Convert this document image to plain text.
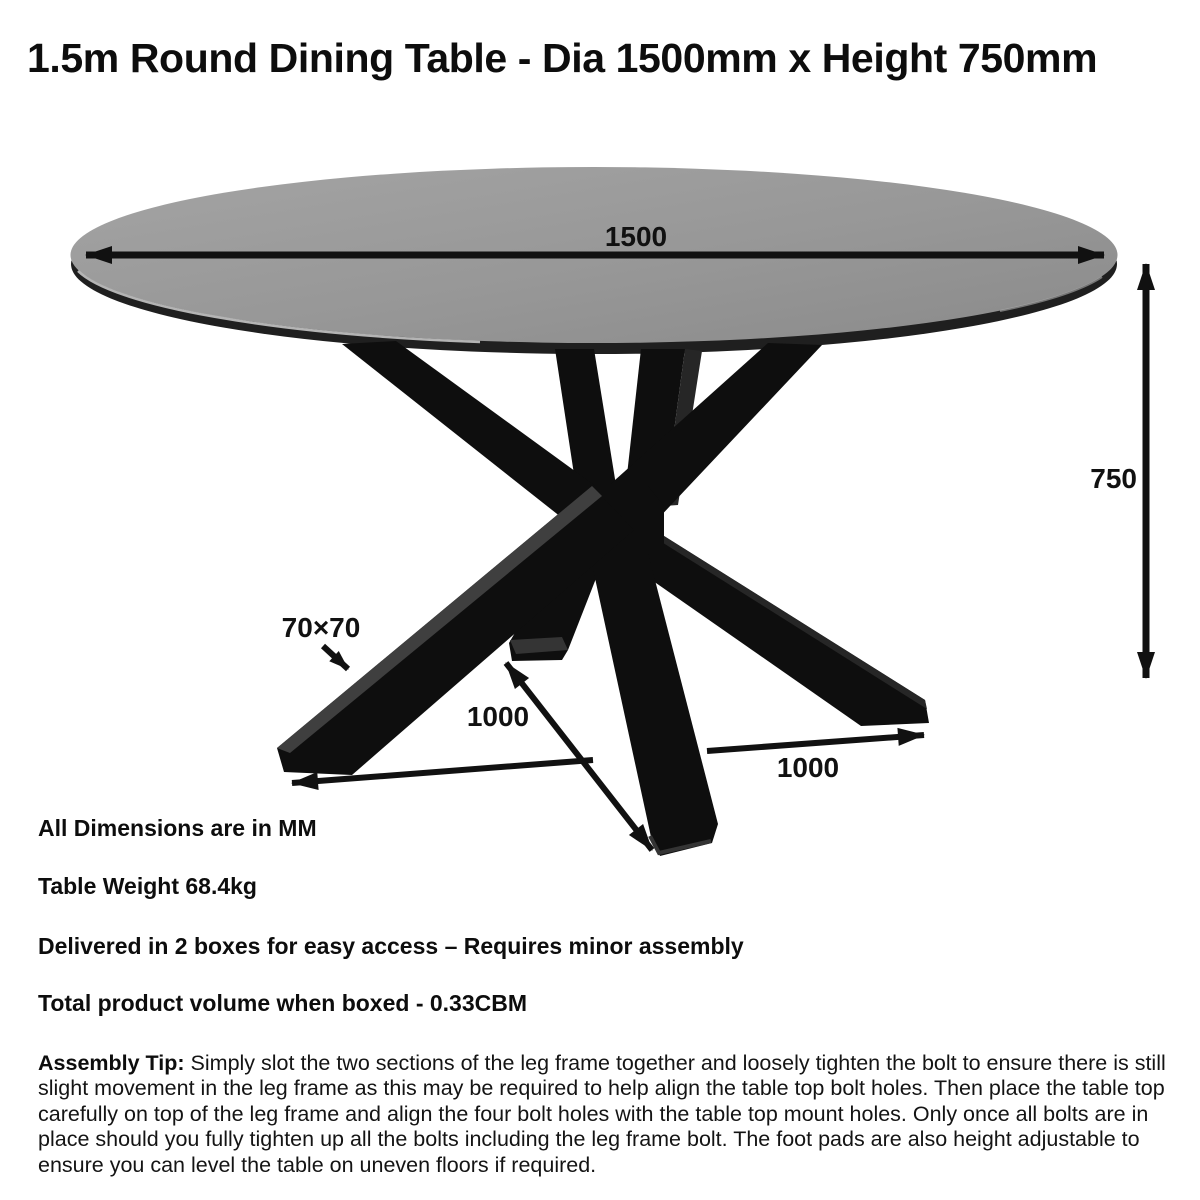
1.5m Round Dining Table - Dia 1500mm x Height 750mm
1500
750
70×70
1000
1000
All Dimensions are in MM
Table Weight 68.4kg
Delivered in 2 boxes for easy access – Requires minor assembly
Total product volume when boxed - 0.33CBM

Assembly Tip: Simply slot the two sections of the leg frame together and loosely tighten the bolt to ensure there is still slight movement in the leg frame as this may be required to help align the table top bolt holes. Then place the table top carefully on top of the leg frame and align the four bolt holes with the table top mount holes. Only once all bolts are in place should you fully tighten up all the bolts including the leg frame bolt. The foot pads are also height adjustable to ensure you can level the table on uneven floors if required.
